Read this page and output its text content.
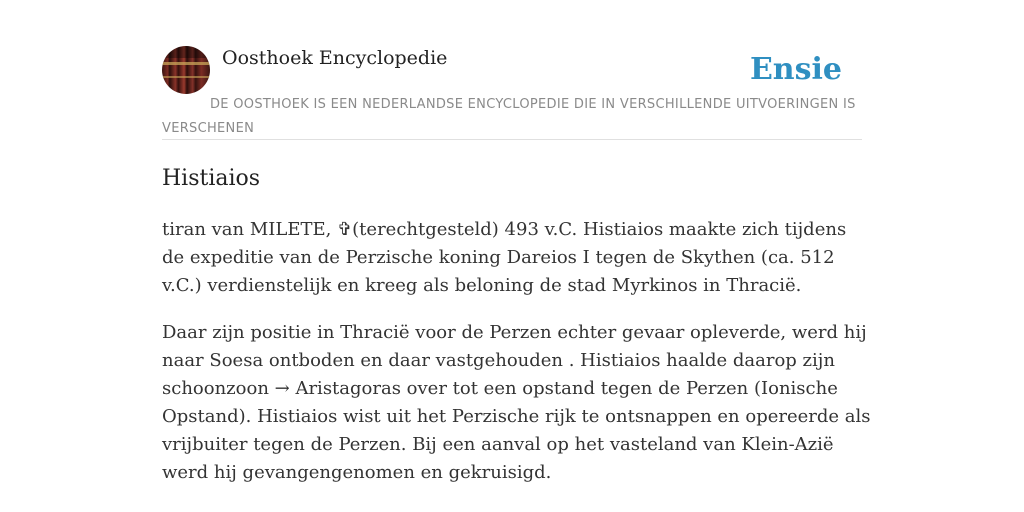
Oosthoek Encyclopedie	Ensie
DE OOSTHOEK IS EEN NEDERLANDSE ENCYCLOPEDIE DIE IN VERSCHILLENDE UITVOERINGEN IS VERSCHENEN
Histiaios

tiran van MILETE, ✞(terechtgesteld) 493 v.C. Histiaios maakte zich tijdens de expeditie van de Perzische koning Dareios I tegen de Skythen (ca. 512 v.C.) verdienstelijk en kreeg als beloning de stad Myrkinos in Thracië.

Daar zijn positie in Thracië voor de Perzen echter gevaar opleverde, werd hij naar Soesa ontboden en daar vastgehouden . Histiaios haalde daarop zijn schoonzoon → Aristagoras over tot een opstand tegen de Perzen (Ionische Opstand). Histiaios wist uit het Perzische rijk te ontsnappen en opereerde als vrijbuiter tegen de Perzen. Bij een aanval op het vasteland van Klein-Azië werd hij gevangengenomen en gekruisigd.
